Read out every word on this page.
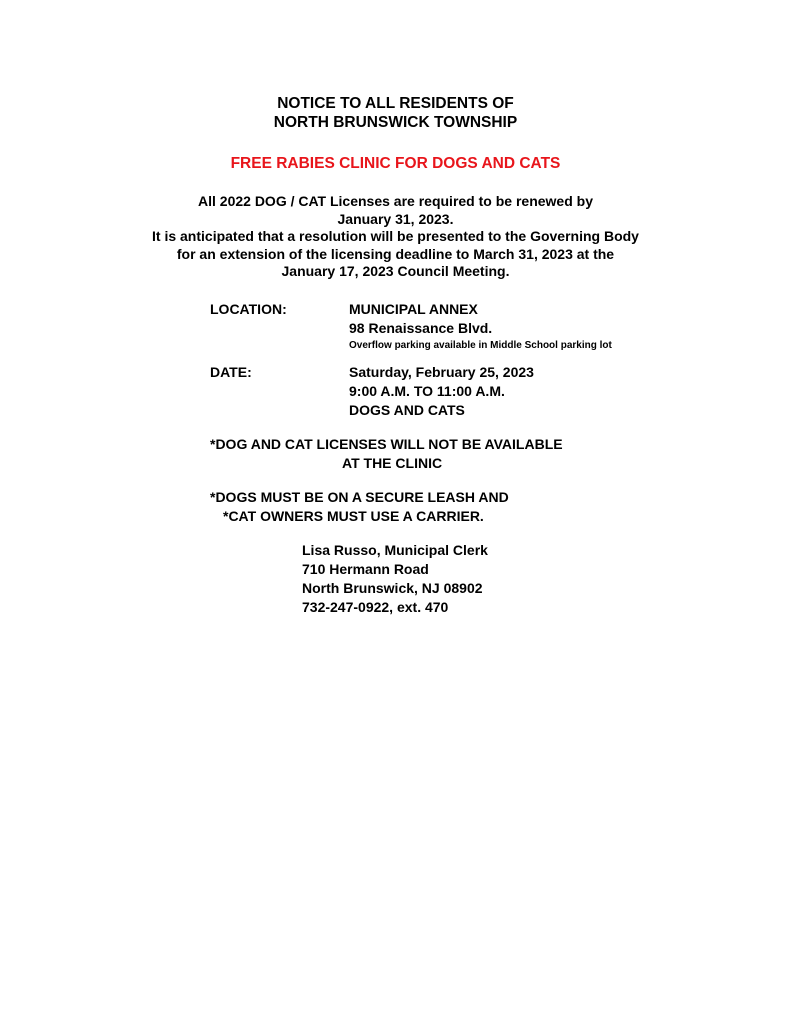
NOTICE TO ALL RESIDENTS OF
NORTH BRUNSWICK TOWNSHIP
FREE RABIES CLINIC FOR DOGS AND CATS
All 2022 DOG / CAT Licenses are required to be renewed by
January 31, 2023.
It is anticipated that a resolution will be presented to the Governing Body
for an extension of the licensing deadline to March 31, 2023 at the
January 17, 2023 Council Meeting.
LOCATION:	MUNICIPAL ANNEX
98 Renaissance Blvd.
Overflow parking available in Middle School parking lot
DATE:	Saturday, February 25, 2023
9:00 A.M. TO 11:00 A.M.
DOGS AND CATS
*DOG AND CAT LICENSES WILL NOT BE AVAILABLE
AT THE CLINIC
*DOGS MUST BE ON A SECURE LEASH AND
*CAT OWNERS MUST USE A CARRIER.
Lisa Russo, Municipal Clerk
710 Hermann Road
North Brunswick, NJ 08902
732-247-0922, ext. 470
